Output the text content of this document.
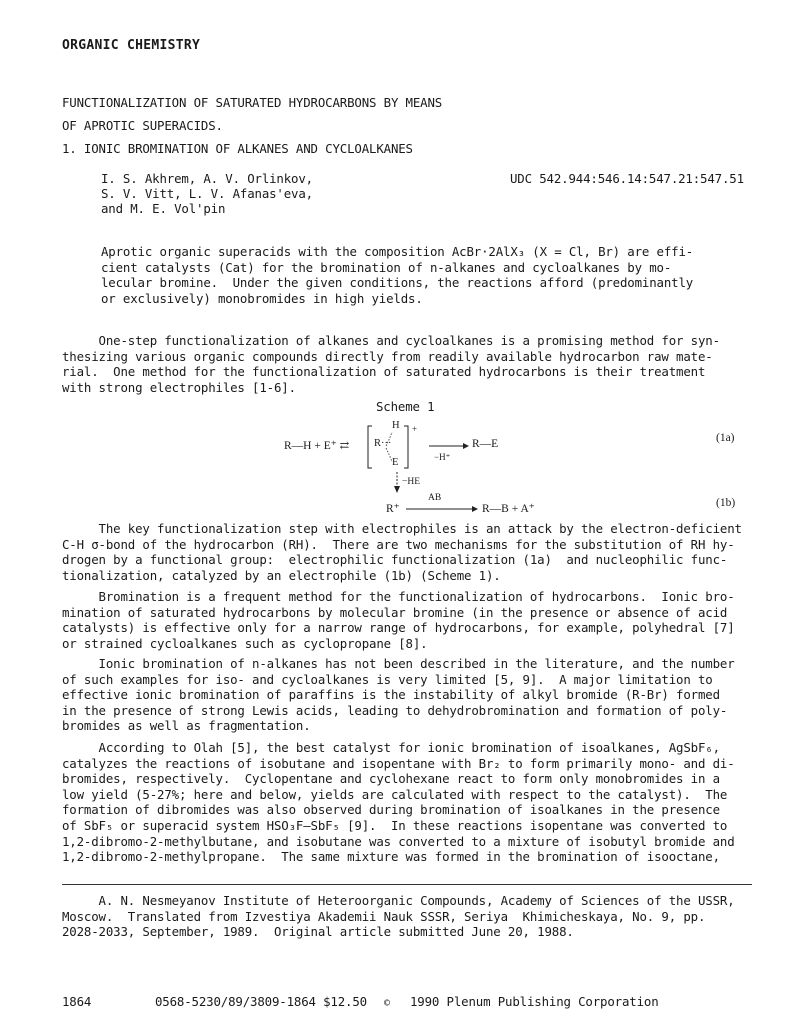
ORGANIC CHEMISTRY
FUNCTIONALIZATION OF SATURATED HYDROCARBONS BY MEANS
OF APROTIC SUPERACIDS.
1. IONIC BROMINATION OF ALKANES AND CYCLOALKANES
I. S. Akhrem, A. V. Orlinkov,
S. V. Vitt, L. V. Afanas'eva,
and M. E. Vol'pin
UDC 542.944:546.14:547.21:547.51

Aprotic organic superacids with the composition AcBr·2AlX₃ (X = Cl, Br) are effi-

cient catalysts (Cat) for the bromination of n-alkanes and cycloalkanes by mo-

lecular bromine.  Under the given conditions, the reactions afford (predominantly

or exclusively) monobromides in high yields.

One-step functionalization of alkanes and cycloalkanes is a promising method for syn-

thesizing various organic compounds directly from readily available hydrocarbon raw mate-

rial.  One method for the functionalization of saturated hydrocarbons is their treatment

with strong electrophiles [1-6].

Scheme 1
R—H + E⁺ ⇄ R···
H
E
+
−H⁺
R—E	(1a)
−HE
R⁺
AB
R—B + A⁺	(1b)

The key functionalization step with electrophiles is an attack by the electron-deficient

C-H σ-bond of the hydrocarbon (RH).  There are two mechanisms for the substitution of RH hy-

drogen by a functional group:  electrophilic functionalization (1a)  and nucleophilic func-

tionalization, catalyzed by an electrophile (1b) (Scheme 1).

Bromination is a frequent method for the functionalization of hydrocarbons.  Ionic bro-

mination of saturated hydrocarbons by molecular bromine (in the presence or absence of acid

catalysts) is effective only for a narrow range of hydrocarbons, for example, polyhedral [7]

or strained cycloalkanes such as cyclopropane [8].

Ionic bromination of n-alkanes has not been described in the literature, and the number

of such examples for iso- and cycloalkanes is very limited [5, 9].  A major limitation to

effective ionic bromination of paraffins is the instability of alkyl bromide (R-Br) formed

in the presence of strong Lewis acids, leading to dehydrobromination and formation of poly-

bromides as well as fragmentation.

According to Olah [5], the best catalyst for ionic bromination of isoalkanes, AgSbF₆,

catalyzes the reactions of isobutane and isopentane with Br₂ to form primarily mono- and di-

bromides, respectively.  Cyclopentane and cyclohexane react to form only monobromides in a

low yield (5-27%; here and below, yields are calculated with respect to the catalyst).  The

formation of dibromides was also observed during bromination of isoalkanes in the presence

of SbF₅ or superacid system HSO₃F—SbF₅ [9].  In these reactions isopentane was converted to

1,2-dibromo-2-methylbutane, and isobutane was converted to a mixture of isobutyl bromide and

1,2-dibromo-2-methylpropane.  The same mixture was formed in the bromination of isooctane,

A. N. Nesmeyanov Institute of Heteroorganic Compounds, Academy of Sciences of the USSR,

Moscow.  Translated from Izvestiya Akademii Nauk SSSR, Seriya  Khimicheskaya, No. 9, pp.

2028-2033, September, 1989.  Original article submitted June 20, 1988.

1864	0568-5230/89/3809-1864 $12.50 © 1990 Plenum Publishing Corporation
